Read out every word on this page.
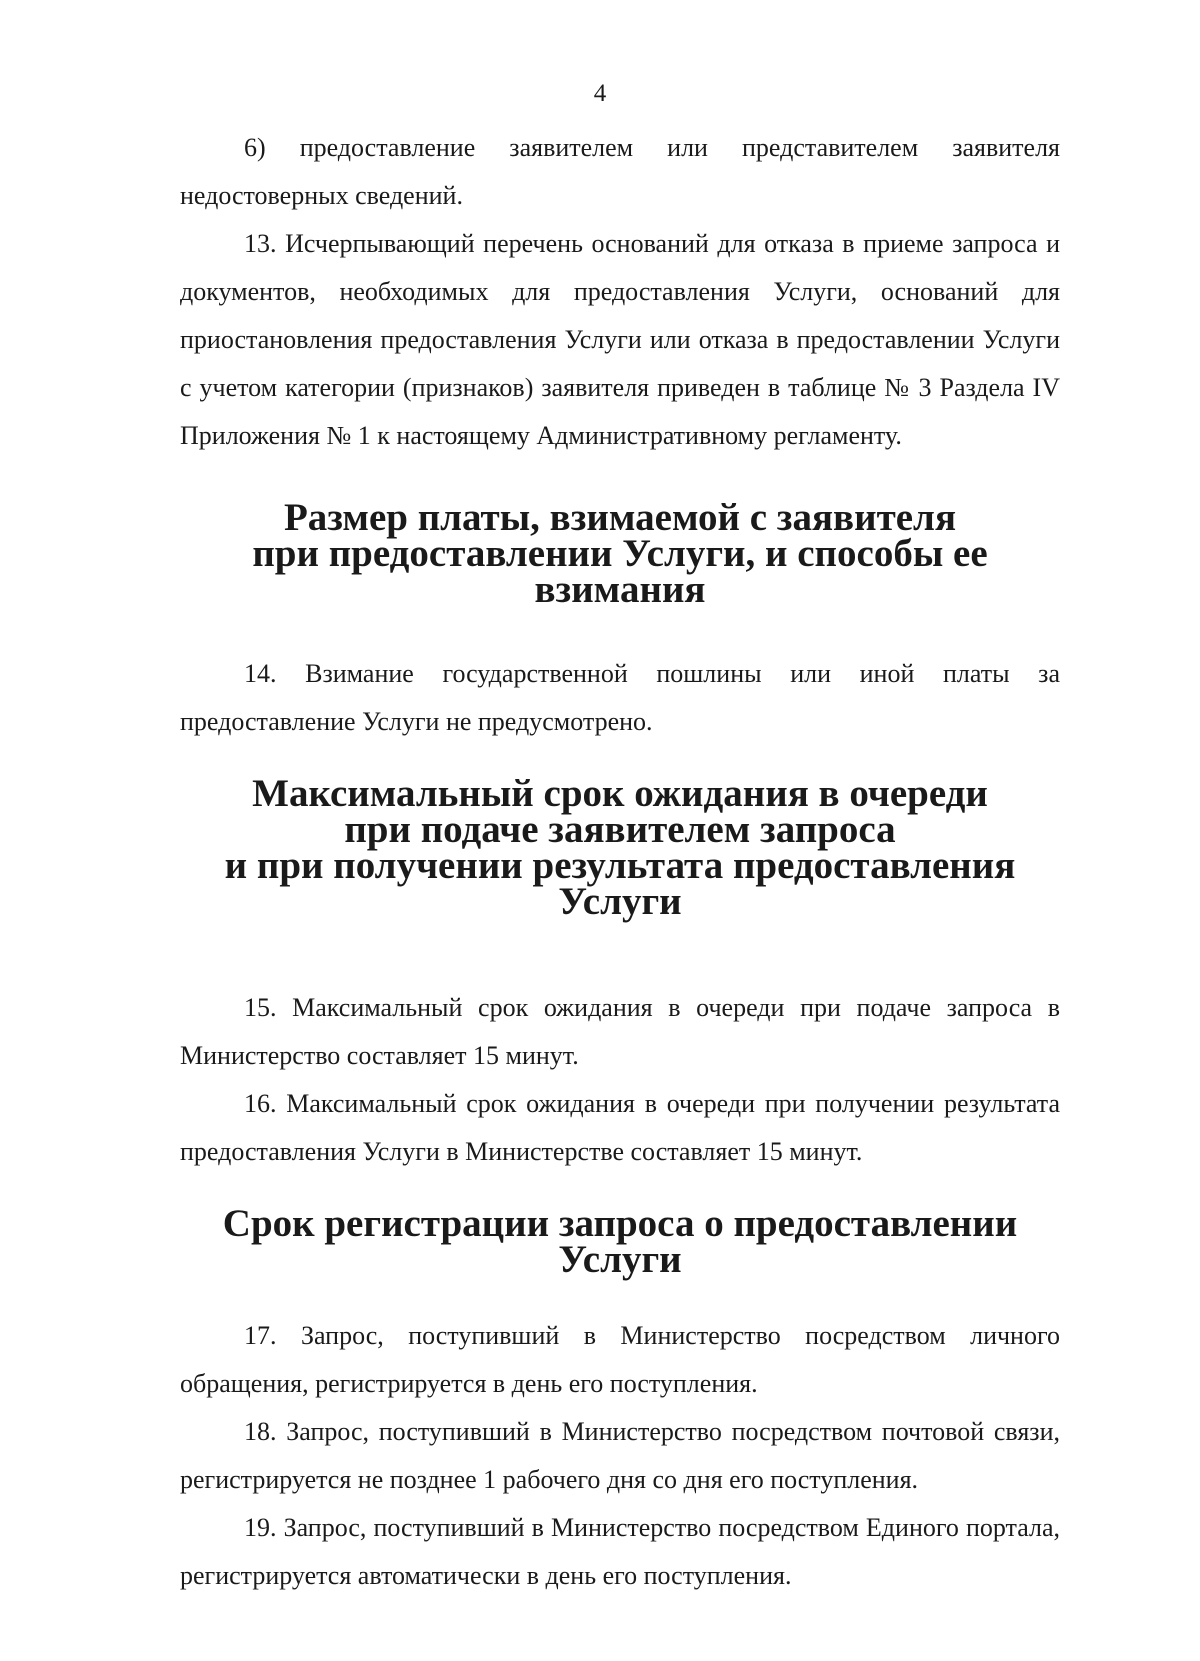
4

6) предоставление заявителем или представителем заявителя недостоверных сведений.

13. Исчерпывающий перечень оснований для отказа в приеме запроса и документов, необходимых для предоставления Услуги, оснований для приостановления предоставления Услуги или отказа в предоставлении Услуги с учетом категории (признаков) заявителя приведен в таблице № 3 Раздела IV Приложения № 1 к настоящему Административному регламенту.

Размер платы, взимаемой с заявителя
при предоставлении Услуги, и способы ее взимания

14. Взимание государственной пошлины или иной платы за предоставление Услуги не предусмотрено.

Максимальный срок ожидания в очереди
при подаче заявителем запроса
и при получении результата предоставления Услуги

15. Максимальный срок ожидания в очереди при подаче запроса в Министерство составляет 15 минут.

16. Максимальный срок ожидания в очереди при получении результата предоставления Услуги в Министерстве составляет 15 минут.

Срок регистрации запроса о предоставлении Услуги

17. Запрос, поступивший в Министерство посредством личного обращения, регистрируется в день его поступления.

18. Запрос, поступивший в Министерство посредством почтовой связи, регистрируется не позднее 1 рабочего дня со дня его поступления.

19. Запрос, поступивший в Министерство посредством Единого портала, регистрируется автоматически в день его поступления.
